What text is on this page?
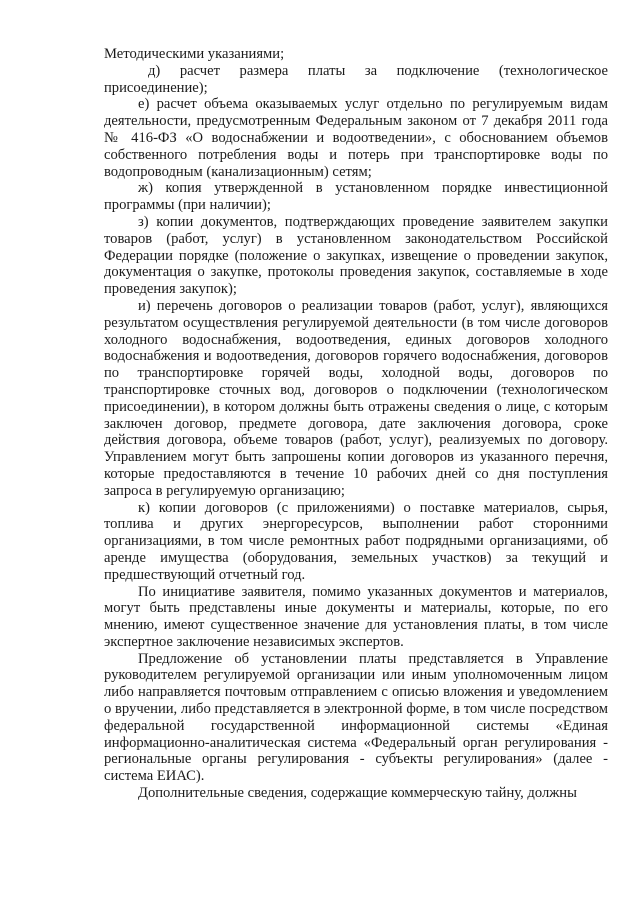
Методическими указаниями;

д) расчет размера платы за подключение (технологическое присоединение);

е) расчет объема оказываемых услуг отдельно по регулируемым видам деятельности, предусмотренным Федеральным законом от 7 декабря 2011 года № 416-ФЗ «О водоснабжении и водоотведении», с обоснованием объемов собственного потребления воды и потерь при транспортировке воды по водопроводным (канализационным) сетям;

ж) копия утвержденной в установленном порядке инвестиционной программы (при наличии);

з) копии документов, подтверждающих проведение заявителем закупки товаров (работ, услуг) в установленном законодательством Российской Федерации порядке (положение о закупках, извещение о проведении закупок, документация о закупке, протоколы проведения закупок, составляемые в ходе проведения закупок);

и) перечень договоров о реализации товаров (работ, услуг), являющихся результатом осуществления регулируемой деятельности (в том числе договоров холодного водоснабжения, водоотведения, единых договоров холодного водоснабжения и водоотведения, договоров горячего водоснабжения, договоров по транспортировке горячей воды, холодной воды, договоров по транспортировке сточных вод, договоров о подключении (технологическом присоединении), в котором должны быть отражены сведения о лице, с которым заключен договор, предмете договора, дате заключения договора, сроке действия договора, объеме товаров (работ, услуг), реализуемых по договору. Управлением могут быть запрошены копии договоров из указанного перечня, которые предоставляются в течение 10 рабочих дней со дня поступления запроса в регулируемую организацию;

к) копии договоров (с приложениями) о поставке материалов, сырья, топлива и других энергоресурсов, выполнении работ сторонними организациями, в том числе ремонтных работ подрядными организациями, об аренде имущества (оборудования, земельных участков) за текущий и предшествующий отчетный год.

По инициативе заявителя, помимо указанных документов и материалов, могут быть представлены иные документы и материалы, которые, по его мнению, имеют существенное значение для установления платы, в том числе экспертное заключение независимых экспертов.

Предложение об установлении платы представляется в Управление руководителем регулируемой организации или иным уполномоченным лицом либо направляется почтовым отправлением с описью вложения и уведомлением о вручении, либо представляется в электронной форме, в том числе посредством федеральной государственной информационной системы «Единая информационно-аналитическая система «Федеральный орган регулирования - региональные органы регулирования - субъекты регулирования» (далее - система ЕИАС).

Дополнительные сведения, содержащие коммерческую тайну, должны
